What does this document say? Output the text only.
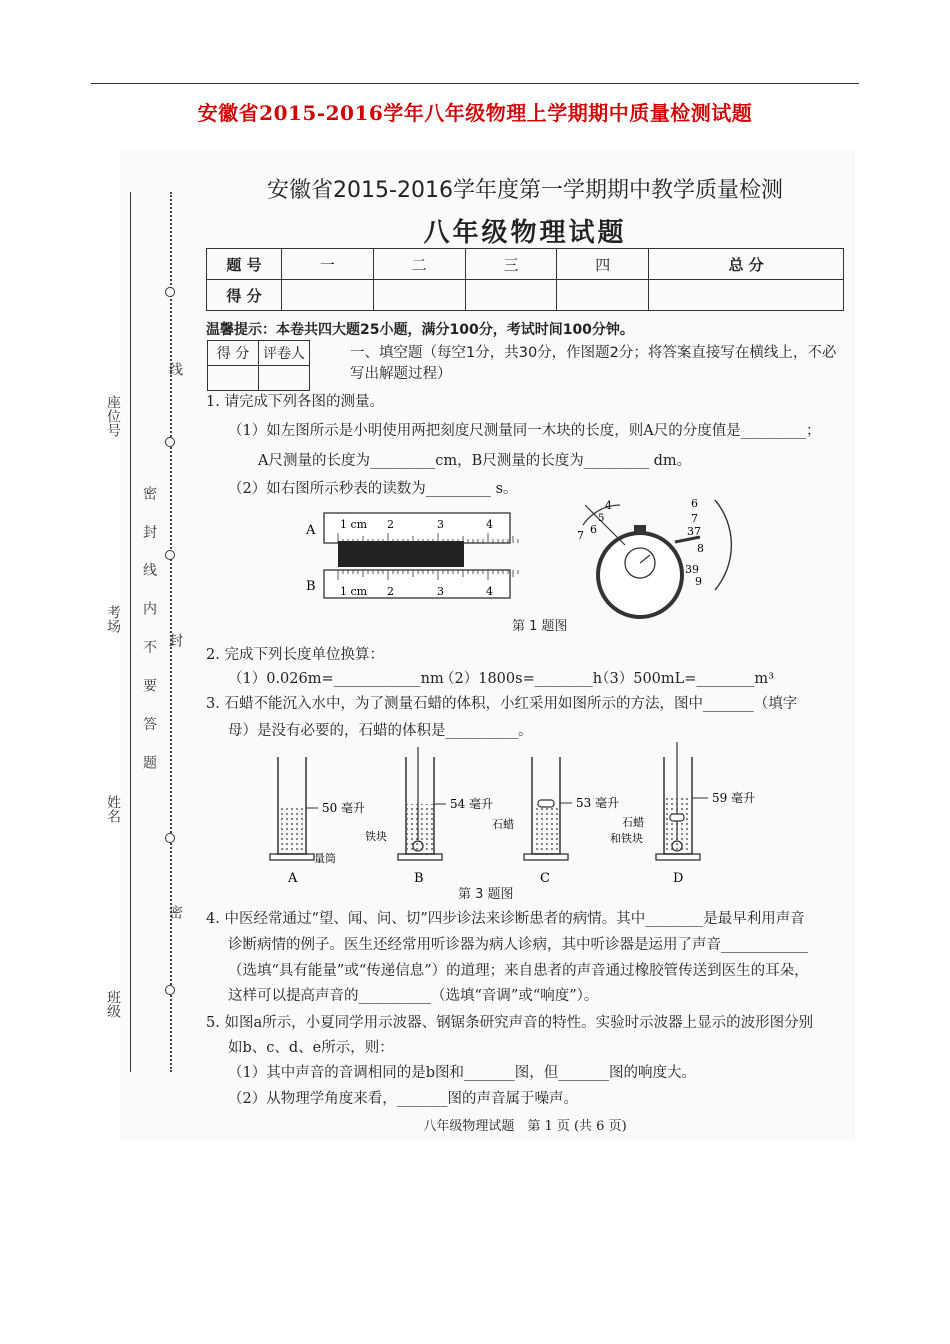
安徽省2015-2016学年八年级物理上学期期中质量检测试题
座位号
考场
姓名
班级
密 封 线 内 不 要 答 题
线
封
密
安徽省2015-2016学年度第一学期期中教学质量检测
八年级物理试题
题 号	一	二	三	四	总 分
得 分					
温馨提示：本卷共四大题25小题，满分100分，考试时间100分钟。
得 分	评卷人
		一、填空题（每空1分，共30分，作图题2分；将答案直接写在横线上，不必写出解题过程）
1. 请完成下列各图的测量。
（1）如左图所示是小明使用两把刻度尺测量同一木块的长度，则A尺的分度值是_________；
A尺测量的长度为_________cm，B尺测量的长度为_________ dm。
（2）如右图所示秒表的读数为_________ s。
A
B
1 cm 2	3	4
1 cm 2	3	4
4
5
7 6
6
37
7
8
39
9
第 1 题图
2. 完成下列长度单位换算：
（1）0.026m=____________nm
（2）1800s=________h
（3）500mL=________m³
3. 石蜡不能沉入水中，为了测量石蜡的体积，小红采用如图所示的方法，图中_______（填字
母）是没有必要的，石蜡的体积是__________。
50 毫升
量筒
A
54 毫升
铁块
B
53 毫升
石蜡
C
59 毫升
石蜡
和铁块
D
第 3 题图
4. 中医经常通过“望、闻、问、切”四步诊法来诊断患者的病情。其中________是最早利用声音
诊断病情的例子。医生还经常用听诊器为病人诊病，其中听诊器是运用了声音____________
（选填“具有能量”或“传递信息”）的道理；来自患者的声音通过橡胶管传送到医生的耳朵，
这样可以提高声音的__________（选填“音调”或“响度”）。
5. 如图a所示，小夏同学用示波器、钢锯条研究声音的特性。实验时示波器上显示的波形图分别
如b、c、d、e所示，则：
（1）其中声音的音调相同的是b图和_______图，但_______图的响度大。
（2）从物理学角度来看，_______图的声音属于噪声。
八年级物理试题　第 1 页 (共 6 页)
